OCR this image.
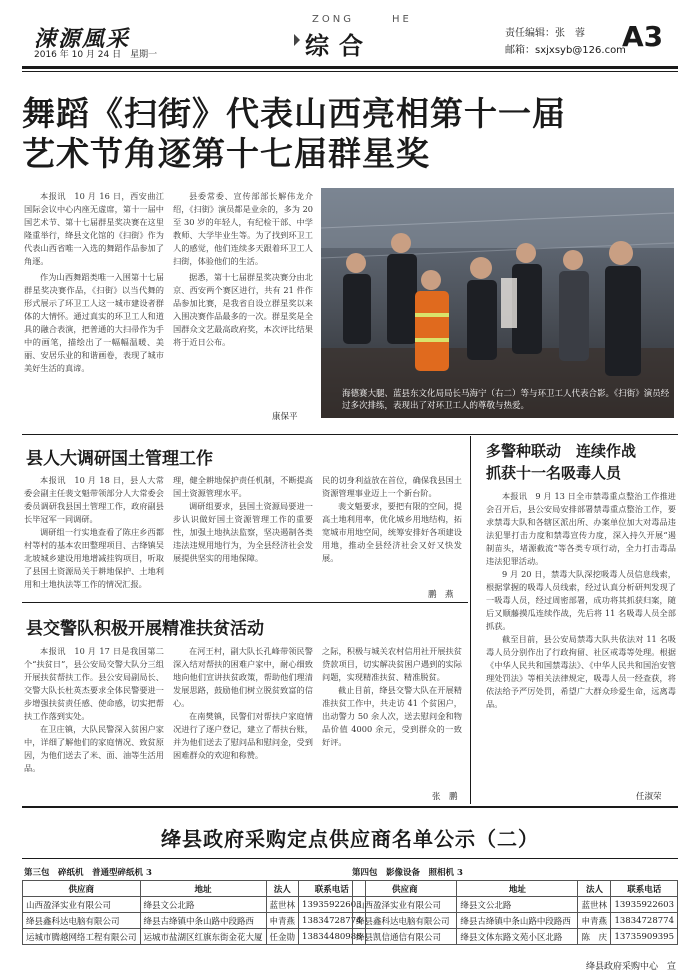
涑源風采
2016 年 10 月 24 日　星期一
ZONG	HE
综合	责任编辑：张　蓉
邮箱：sxjxsyb@126.com
A3
舞蹈《扫街》代表山西亮相第十一届
艺术节角逐第十七届群星奖

本报讯　10 月 16 日，西安曲江国际会议中心内座无虚席，第十一届中国艺术节、第十七届群星奖决赛在这里隆重举行，绛县文化馆的《扫街》作为代表山西省唯一入选的舞蹈作品参加了角逐。

作为山西舞蹈类唯一入围第十七届群星奖决赛作品，《扫街》以当代舞的形式展示了环卫工人这一城市建设者群体的大情怀。通过真实的环卫工人和道具的融合表演，把普通的大扫帚作为手中的画笔，描绘出了一幅幅温暖、美丽、安居乐业的和谐画卷，表现了城市美好生活的真谛。

县委常委、宣传部部长解伟龙介绍，《扫街》演员都是业余的，多为 20 至 30 岁的年轻人，有纪检干部、中学教师、大学毕业生等。为了找到环卫工人的感觉，他们连续多天跟着环卫工人扫街，体验他们的生活。

据悉，第十七届群星奖决赛分由北京、西安两个赛区进行，共有 21 件作品参加比赛，是我省自设立群星奖以来入围决赛作品最多的一次。群星奖是全国群众文艺最高政府奖，本次评比结果将于近日公布。

康保平
海德赛大腿、蓝县东文化局局长马海宁（右二）等与环卫工人代表合影。《扫街》演员经过多次排练，表现出了对环卫工人的尊敬与热爱。
县人大调研国土管理工作

本报讯　10 月 18 日，县人大常委会副主任裴文魁带领部分人大常委会委员调研我县国土管理工作，政府副县长毕冠军一同调研。

调研组一行实地查看了陈庄乡西都村等村的基本农田整理项目、古绛镇吴北坡城乡建设用地增减挂钩项目，听取了县国土资源局关于耕地保护、土地利用和土地执法等工作的情况汇报。

理，健全耕地保护责任机制，不断提高国土资源管理水平。

调研组要求，县国土资源局要进一步认识做好国土资源管理工作的重要性，加强土地执法监察，坚决遏制各类违法违规用地行为，为全县经济社会发展提供坚实的用地保障。

民的切身利益放在首位，确保我县国土资源管理事业迈上一个新台阶。

裴文魁要求，要把有限的空间，提高土地利用率，优化城乡用地结构，拓宽城市用地空间，统筹安排好各项建设用地，推动全县经济社会又好又快发展。

鹏　燕
县交警队积极开展精准扶贫活动

本报讯　10 月 17 日是我国第二个“扶贫日”，县公安局交警大队分三组开展扶贫帮扶工作。县公安局副局长、交警大队长杜英杰要求全体民警要进一步增强扶贫责任感、使命感，切实把帮扶工作落到实处。

在卫庄镇，大队民警深入贫困户家中，详细了解他们的家庭情况、致贫原因，为他们送去了米、面、油等生活用品。

在河王村，副大队长孔峰带领民警深入结对帮扶的困难户家中，耐心细致地向他们宣讲扶贫政策，帮助他们理清发展思路，鼓励他们树立脱贫致富的信心。

在南樊镇，民警们对帮扶户家庭情况进行了逐户登记，建立了帮扶台账，并为他们送去了慰问品和慰问金，受到困难群众的欢迎和称赞。

之际，积极与城关农村信用社开展扶贫贷款项目，切实解决贫困户遇到的实际问题，实现精准扶贫、精准脱贫。

截止目前，绛县交警大队在开展精准扶贫工作中，共走访 41 个贫困户，出动警力 50 余人次，送去慰问金和物品价值 4000 余元，受到群众的一致好评。

张　鹏
多警种联动　连续作战
抓获十一名吸毒人员

本报讯　9 月 13 日全市禁毒重点整治工作推进会召开后，县公安局安排部署禁毒重点整治工作，要求禁毒大队和各辖区派出所、办案单位加大对毒品违法犯罪打击力度和禁毒宣传力度，深入持久开展“遏制苗头，堵源截流”等各类专项行动，全力打击毒品违法犯罪活动。

9 月 20 日，禁毒大队深挖吸毒人员信息线索，根据掌握的吸毒人员线索，经过认真分析研判发现了一吸毒人员，经过周密部署，成功将其抓获归案，随后又顺藤摸瓜连续作战，先后将 11 名吸毒人员全部抓获。

截至目前，县公安局禁毒大队共依法对 11 名吸毒人员分别作出了行政拘留、社区戒毒等处理。根据《中华人民共和国禁毒法》、《中华人民共和国治安管理处罚法》等相关法律规定，吸毒人员一经查获，将依法给予严厉处罚，希望广大群众珍爱生命，远离毒品。

任淑荣
绛县政府采购定点供应商名单公示（二）
第三包　碎纸机　普通型碎纸机 3	第四包　影像设备　照相机 3
供应商	地址	法人	联系电话
山西盈泽实业有限公司	绛县文公北路	蓝世林	13935922603
绛县鑫科达电脑有限公司	绛县古绛镇中条山路中段路西	申青燕	13834728774
运城市腾越网络工程有限公司	运城市盐湖区红旗东街金花大厦	任金勋	13834480988
供应商	地址	法人	联系电话
山西盈泽实业有限公司	绛县文公北路	蓝世林	13935922603
绛县鑫科达电脑有限公司	绛县古绛镇中条山路中段路西	申青燕	13834728774
绛县凯信通信有限公司	绛县文体东路文苑小区北路	陈　庆	13735909395
绛县政府采购中心　宣
